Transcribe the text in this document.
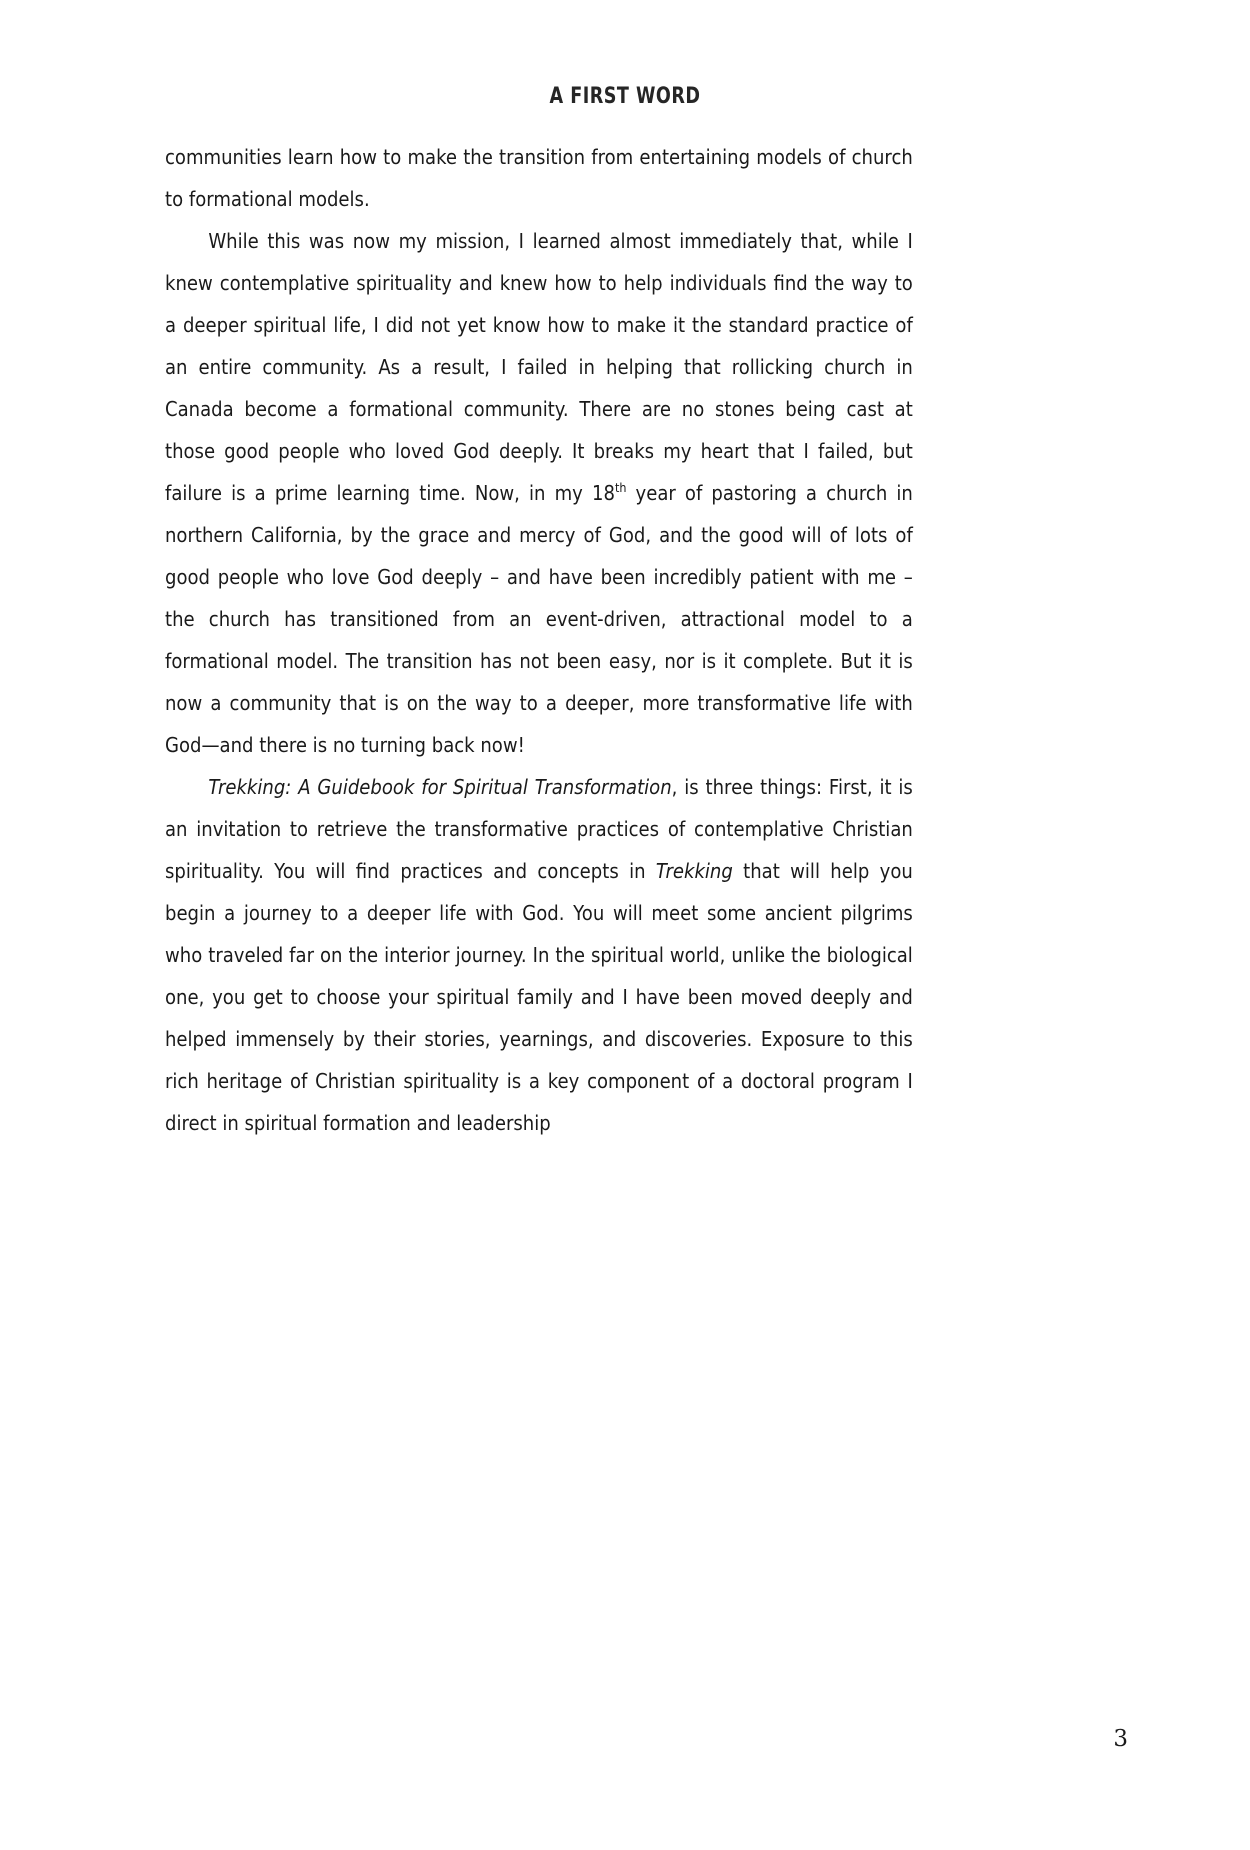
A FIRST WORD

communities learn how to make the transition from entertaining models of church to formational models.

While this was now my mission, I learned almost immediately that, while I knew contemplative spirituality and knew how to help individuals find the way to a deeper spiritual life, I did not yet know how to make it the standard practice of an entire community. As a result, I failed in helping that rollicking church in Canada become a formational community. There are no stones being cast at those good people who loved God deeply. It breaks my heart that I failed, but failure is a prime learning time. Now, in my 18th year of pastoring a church in northern California, by the grace and mercy of God, and the good will of lots of good people who love God deeply – and have been incredibly patient with me – the church has transitioned from an event-driven, attractional model to a formational model. The transition has not been easy, nor is it complete. But it is now a community that is on the way to a deeper, more transformative life with God—and there is no turning back now!

Trekking: A Guidebook for Spiritual Transformation, is three things: First, it is an invitation to retrieve the transformative practices of contemplative Christian spirituality. You will find practices and concepts in Trekking that will help you begin a journey to a deeper life with God. You will meet some ancient pilgrims who traveled far on the interior journey. In the spiritual world, unlike the biological one, you get to choose your spiritual family and I have been moved deeply and helped immensely by their stories, yearnings, and discoveries. Exposure to this rich heritage of Christian spirituality is a key component of a doctoral program I direct in spiritual formation and leadership

3
